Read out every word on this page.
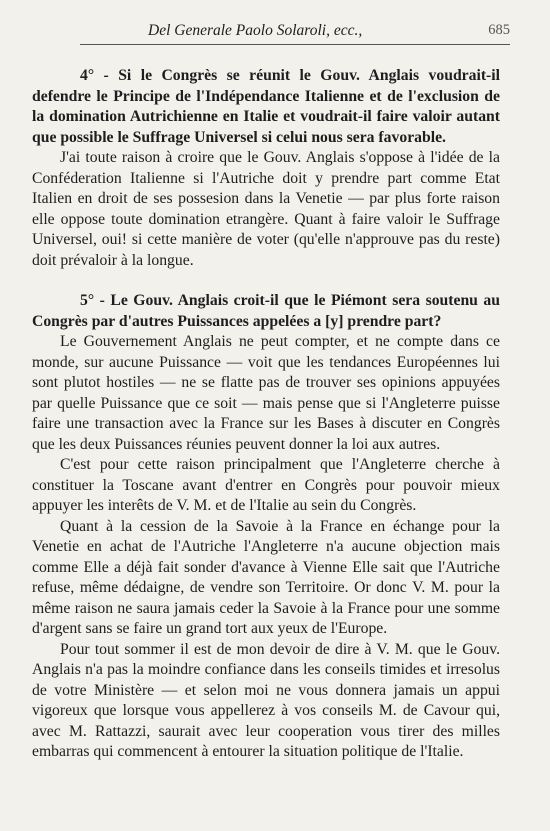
Del Generale Paolo Solaroli, ecc.,	685

4° - Si le Congrès se réunit le Gouv. Anglais voudrait-il defendre le Principe de l'Indépendance Italienne et de l'exclusion de la domination Autrichienne en Italie et voudrait-il faire valoir autant que possible le Suffrage Universel si celui nous sera favorable.

J'ai toute raison à croire que le Gouv. Anglais s'oppose à l'idée de la Conféderation Italienne si l'Autriche doit y prendre part comme Etat Italien en droit de ses possesion dans la Venetie — par plus forte raison elle oppose toute domination etrangère. Quant à faire valoir le Suffrage Universel, oui! si cette manière de voter (qu'elle n'approuve pas du reste) doit prévaloir à la longue.

5° - Le Gouv. Anglais croit-il que le Piémont sera soutenu au Congrès par d'autres Puissances appelées a [y] prendre part?

Le Gouvernement Anglais ne peut compter, et ne compte dans ce monde, sur aucune Puissance — voit que les tendances Européennes lui sont plutot hostiles — ne se flatte pas de trouver ses opinions appuyées par quelle Puissance que ce soit — mais pense que si l'Angleterre puisse faire une transaction avec la France sur les Bases à discuter en Congrès que les deux Puissances réunies peuvent donner la loi aux autres.

C'est pour cette raison principalment que l'Angleterre cherche à constituer la Toscane avant d'entrer en Congrès pour pouvoir mieux appuyer les interêts de V. M. et de l'Italie au sein du Congrès.

Quant à la cession de la Savoie à la France en échange pour la Venetie en achat de l'Autriche l'Angleterre n'a aucune objection mais comme Elle a déjà fait sonder d'avance à Vienne Elle sait que l'Autriche refuse, même dédaigne, de vendre son Territoire. Or donc V. M. pour la même raison ne saura jamais ceder la Savoie à la France pour une somme d'argent sans se faire un grand tort aux yeux de l'Europe.

Pour tout sommer il est de mon devoir de dire à V. M. que le Gouv. Anglais n'a pas la moindre confiance dans les conseils timides et irresolus de votre Ministère — et selon moi ne vous donnera jamais un appui vigoreux que lorsque vous appellerez à vos conseils M. de Cavour qui, avec M. Rattazzi, saurait avec leur cooperation vous tirer des milles embarras qui commencent à entourer la situation politique de l'Italie.
